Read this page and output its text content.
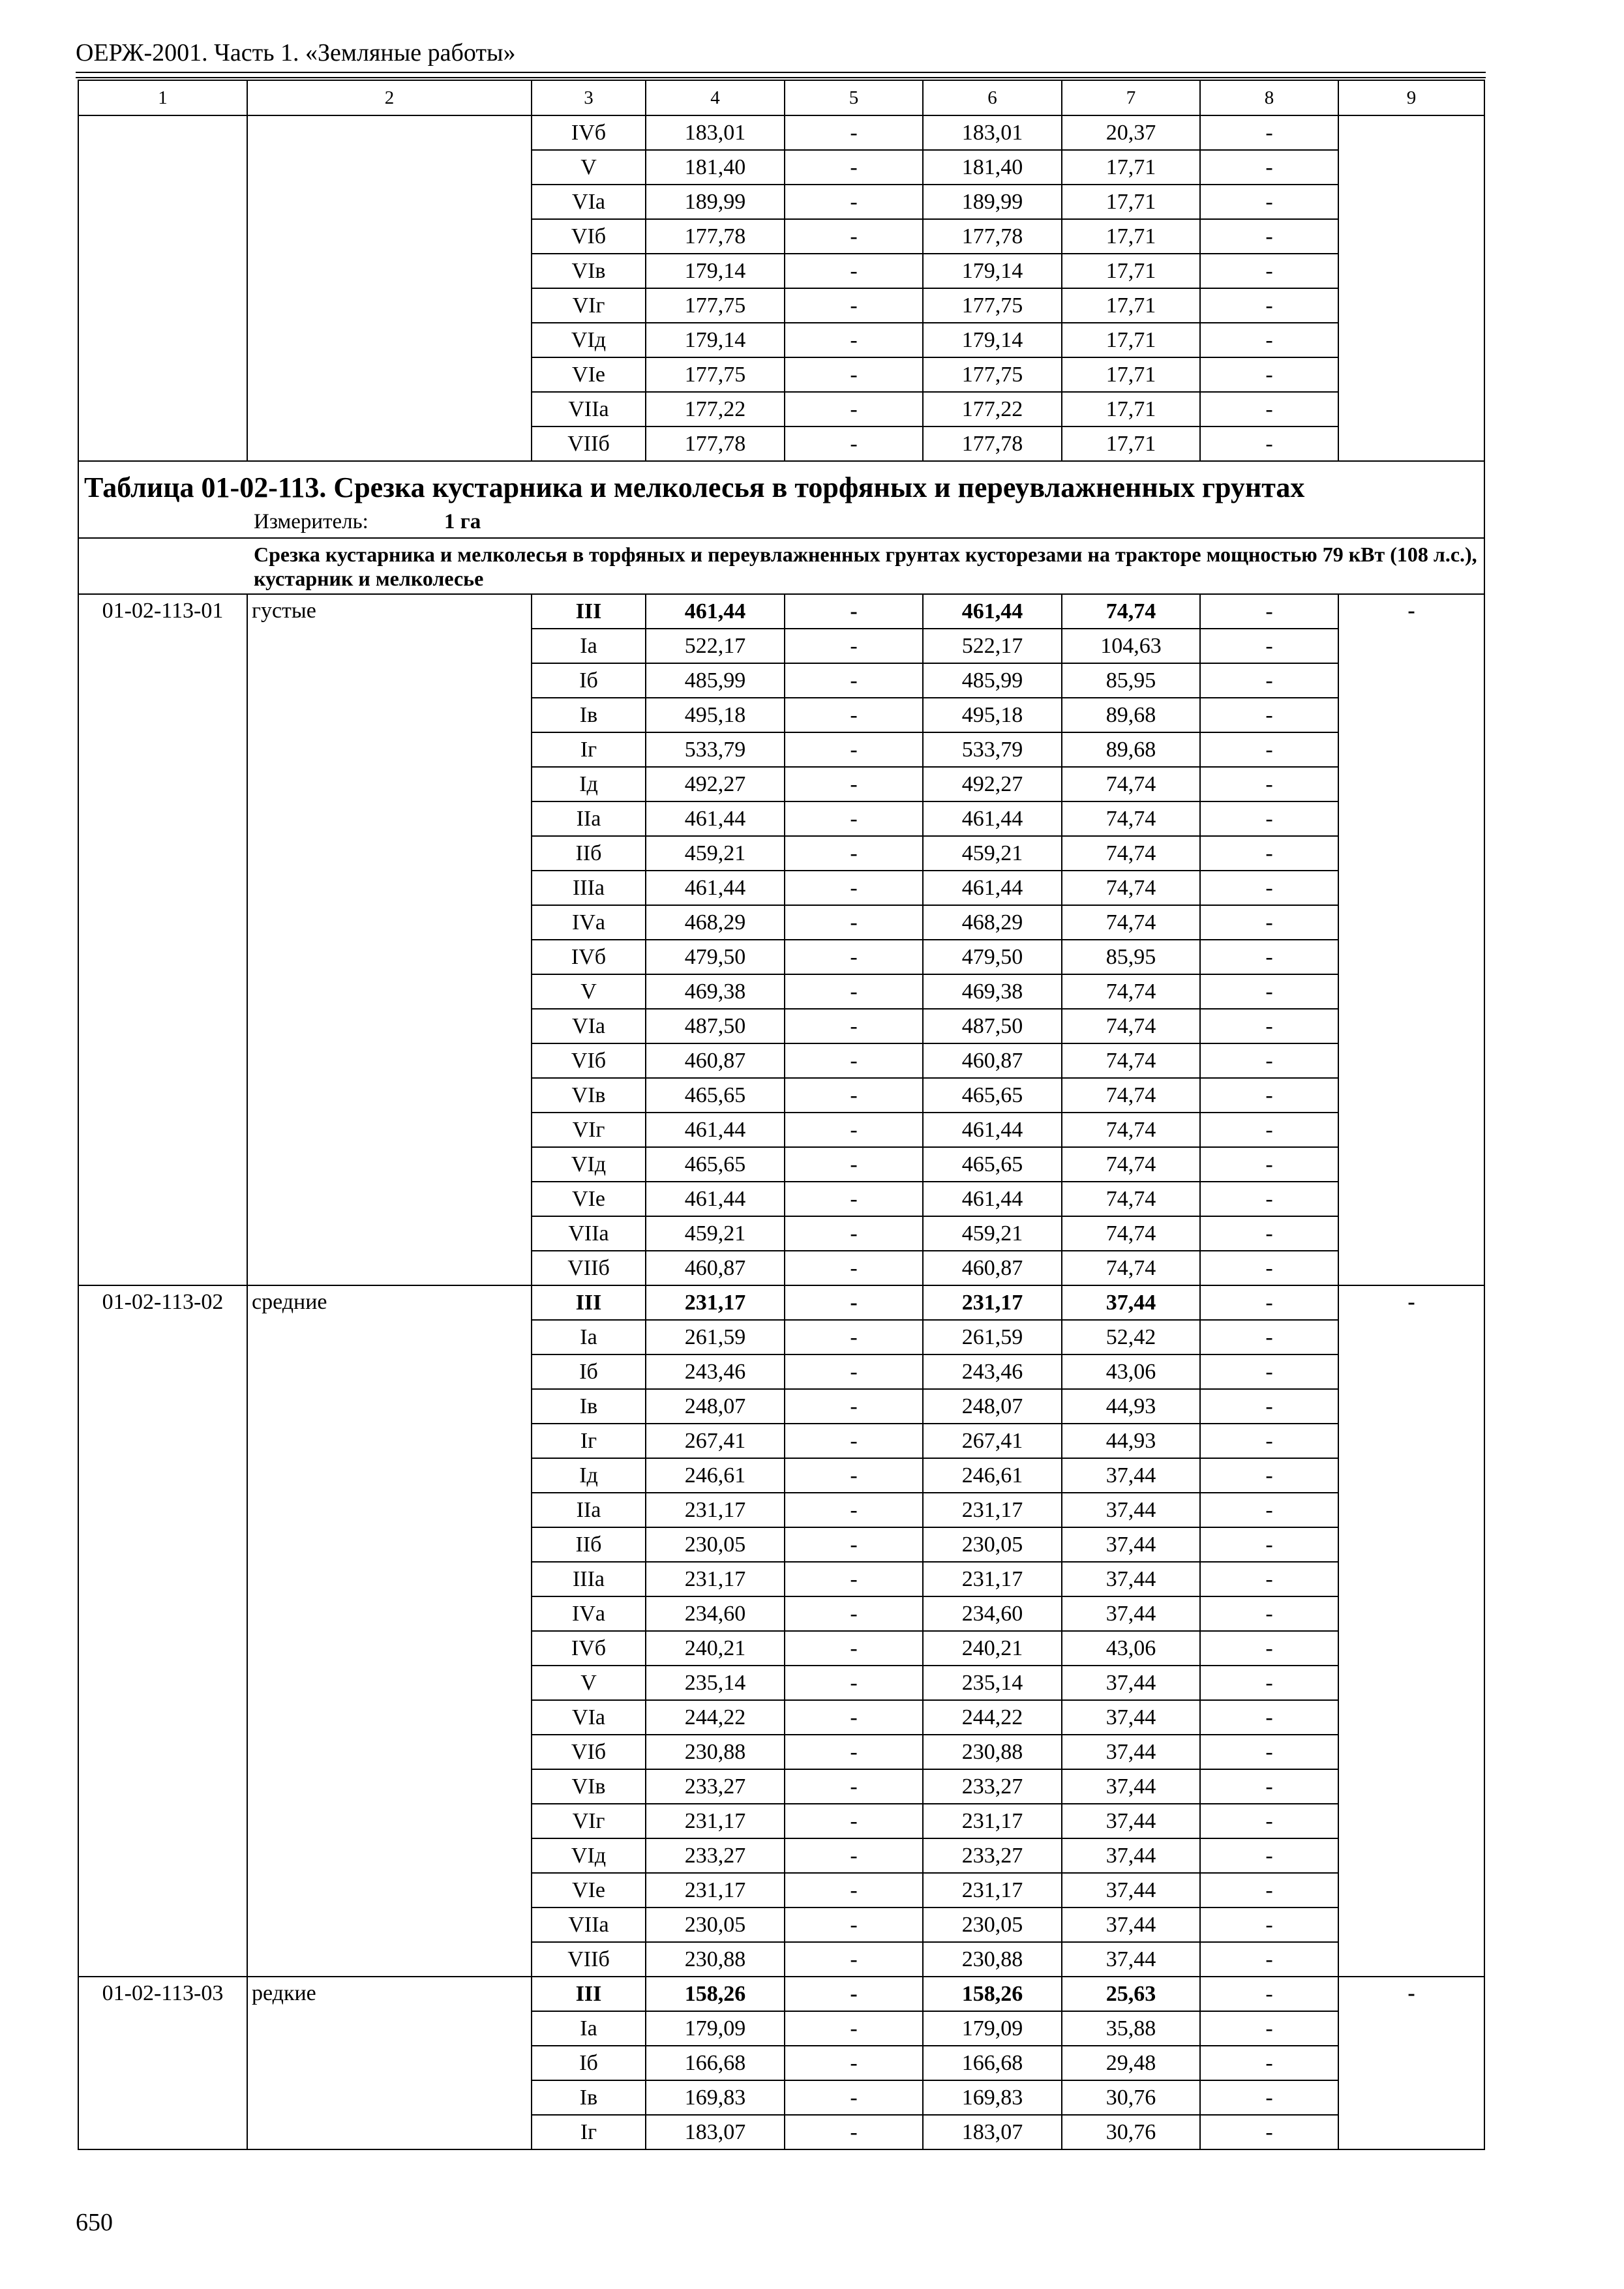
ОЕРЖ-2001. Часть 1. «Земляные работы»
1	2	3	4	5	6	7	8	9
		IVб	183,01	-	183,01	20,37	-	
		V	181,40	-	181,40	17,71	-	
		VIа	189,99	-	189,99	17,71	-	
		VIб	177,78	-	177,78	17,71	-	
		VIв	179,14	-	179,14	17,71	-	
		VIг	177,75	-	177,75	17,71	-	
		VIд	179,14	-	179,14	17,71	-	
		VIе	177,75	-	177,75	17,71	-	
		VIIа	177,22	-	177,22	17,71	-	
		VIIб	177,78	-	177,78	17,71	-	

Таблица 01-02-113. Срезка кустарника и мелколесья в торфяных и переувлажненных грунтах
Измеритель: 1 га								

Срезка кустарника и мелколесья в торфяных и переувлажненных грунтах кусторезами на тракторе мощностью 79 кВт (108 л.с.), кустарник и мелколесье								

01-02-113-01	густые	III	461,44	-	461,44	74,74	-	-
		Iа	522,17	-	522,17	104,63	-	
		Iб	485,99	-	485,99	85,95	-	
		Iв	495,18	-	495,18	89,68	-	
		Iг	533,79	-	533,79	89,68	-	
		Iд	492,27	-	492,27	74,74	-	
		IIа	461,44	-	461,44	74,74	-	
		IIб	459,21	-	459,21	74,74	-	
		IIIа	461,44	-	461,44	74,74	-	
		IVа	468,29	-	468,29	74,74	-	
		IVб	479,50	-	479,50	85,95	-	
		V	469,38	-	469,38	74,74	-	
		VIа	487,50	-	487,50	74,74	-	
		VIб	460,87	-	460,87	74,74	-	
		VIв	465,65	-	465,65	74,74	-	
		VIг	461,44	-	461,44	74,74	-	
		VIд	465,65	-	465,65	74,74	-	
		VIе	461,44	-	461,44	74,74	-	
		VIIа	459,21	-	459,21	74,74	-	
		VIIб	460,87	-	460,87	74,74	-	
01-02-113-02	средние	III	231,17	-	231,17	37,44	-	-
		Iа	261,59	-	261,59	52,42	-	
		Iб	243,46	-	243,46	43,06	-	
		Iв	248,07	-	248,07	44,93	-	
		Iг	267,41	-	267,41	44,93	-	
		Iд	246,61	-	246,61	37,44	-	
		IIа	231,17	-	231,17	37,44	-	
		IIб	230,05	-	230,05	37,44	-	
		IIIа	231,17	-	231,17	37,44	-	
		IVа	234,60	-	234,60	37,44	-	
		IVб	240,21	-	240,21	43,06	-	
		V	235,14	-	235,14	37,44	-	
		VIа	244,22	-	244,22	37,44	-	
		VIб	230,88	-	230,88	37,44	-	
		VIв	233,27	-	233,27	37,44	-	
		VIг	231,17	-	231,17	37,44	-	
		VIд	233,27	-	233,27	37,44	-	
		VIе	231,17	-	231,17	37,44	-	
		VIIа	230,05	-	230,05	37,44	-	
		VIIб	230,88	-	230,88	37,44	-	
01-02-113-03	редкие	III	158,26	-	158,26	25,63	-	-
		Iа	179,09	-	179,09	35,88	-	
		Iб	166,68	-	166,68	29,48	-	
		Iв	169,83	-	169,83	30,76	-	
		Iг	183,07	-	183,07	30,76	-	
650
